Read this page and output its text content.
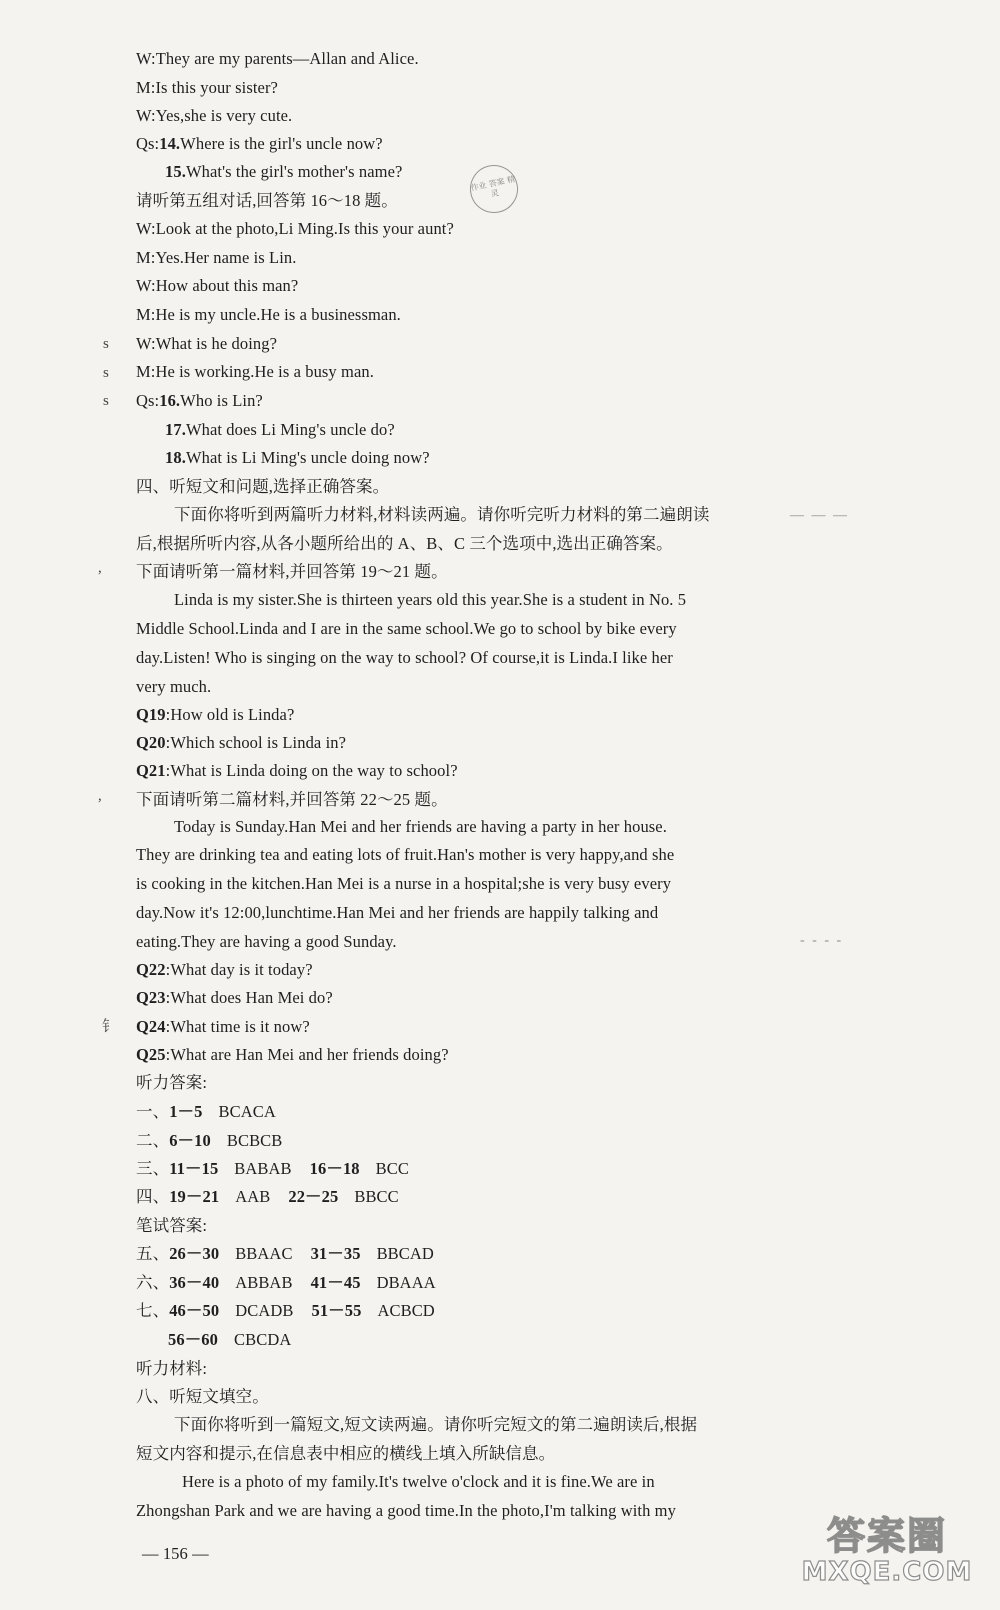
W:They are my parents—Allan and Alice.
M:Is this your sister?
W:Yes,she is very cute.
Qs:14.Where is the girl's uncle now?
15.What's the girl's mother's name?
作业 答案 精灵
请听第五组对话,回答第 16～18 题。
W:Look at the photo,Li Ming.Is this your aunt?
M:Yes.Her name is Lin.
W:How about this man?
M:He is my uncle.He is a businessman.
s W:What is he doing?
s M:He is working.He is a busy man.
s Qs:16.Who is Lin?
17.What does Li Ming's uncle do?
18.What is Li Ming's uncle doing now?
四、听短文和问题,选择正确答案。
下面你将听到两篇听力材料,材料读两遍。请你听完听力材料的第二遍朗读	— — —
后,根据所听内容,从各小题所给出的 A、B、C 三个选项中,选出正确答案。
, 下面请听第一篇材料,并回答第 19～21 题。
Linda is my sister.She is thirteen years old this year.She is a student in No. 5
Middle School.Linda and I are in the same school.We go to school by bike every
day.Listen! Who is singing on the way to school? Of course,it is Linda.I like her
very much.
Q19:How old is Linda?
Q20:Which school is Linda in?
Q21:What is Linda doing on the way to school?
, 下面请听第二篇材料,并回答第 22～25 题。
Today is Sunday.Han Mei and her friends are having a party in her house.
They are drinking tea and eating lots of fruit.Han's mother is very happy,and she
is cooking in the kitchen.Han Mei is a nurse in a hospital;she is very busy every
day.Now it's 12:00,lunchtime.Han Mei and her friends are happily talking and
eating.They are having a good Sunday.	- - - -
Q22:What day is it today?
Q23:What does Han Mei do?
钅 Q24:What time is it now?
Q25:What are Han Mei and her friends doing?
听力答案:
一、1－5 BCACA
二、6－10 BCBCB
三、11－15 BABAB 16－18 BCC
四、19－21 AAB 22－25 BBCC
笔试答案:
五、26－30 BBAAC 31－35 BBCAD
六、36－40 ABBAB 41－45 DBAAA
七、46－50 DCADB 51－55 ACBCD
56－60 CBCDA
听力材料:
八、听短文填空。
下面你将听到一篇短文,短文读两遍。请你听完短文的第二遍朗读后,根据
短文内容和提示,在信息表中相应的横线上填入所缺信息。
Here is a photo of my family.It's twelve o'clock and it is fine.We are in
Zhongshan Park and we are having a good time.In the photo,I'm talking with my
— 156 —	答案圈
MXQE.COM
